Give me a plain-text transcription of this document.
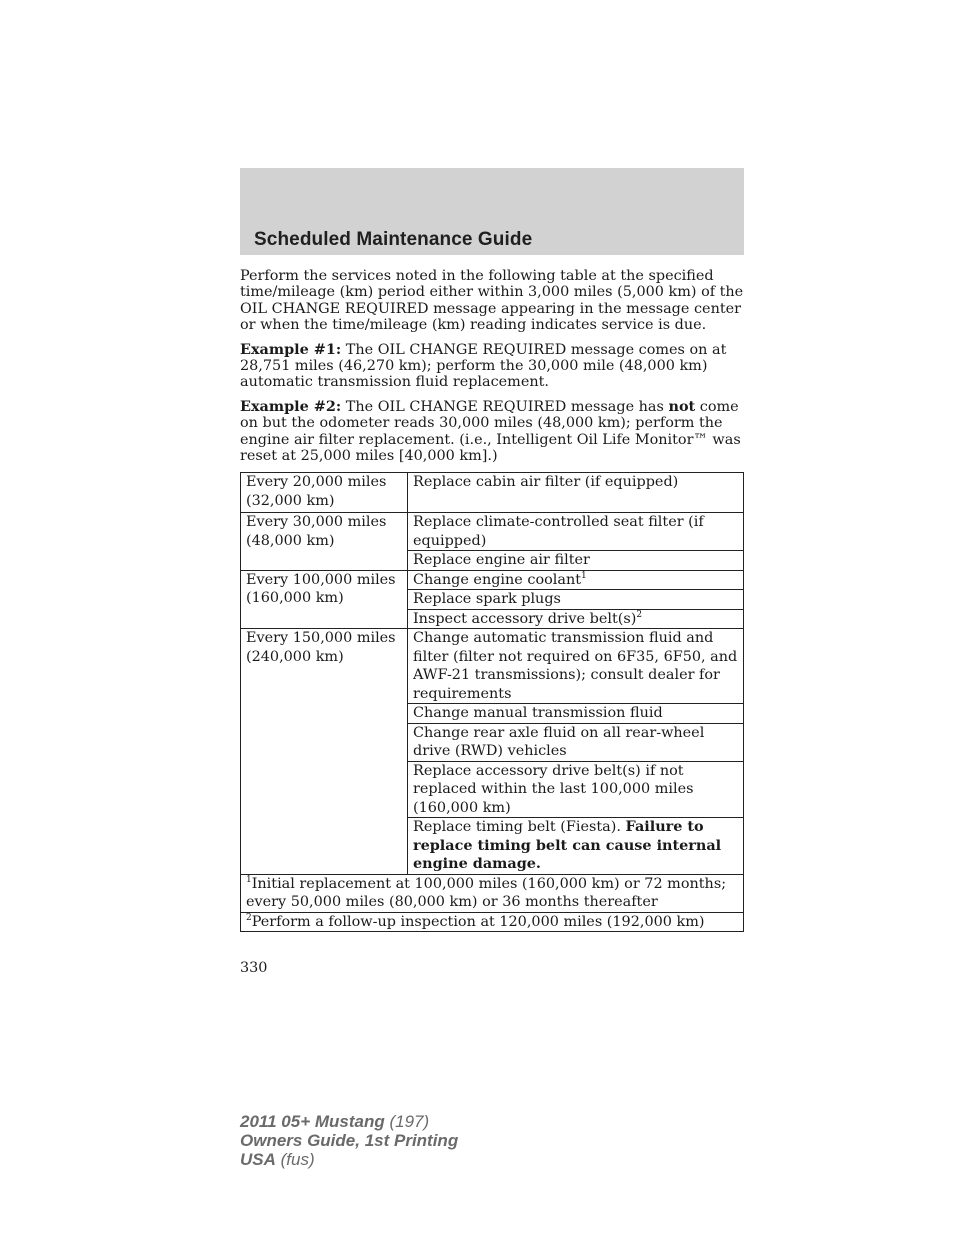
Scheduled Maintenance Guide

Perform the services noted in the following table at the specified time/mileage (km) period either within 3,000 miles (5,000 km) of the OIL CHANGE REQUIRED message appearing in the message center or when the time/mileage (km) reading indicates service is due.

Example #1: The OIL CHANGE REQUIRED message comes on at 28,751 miles (46,270 km); perform the 30,000 mile (48,000 km) automatic transmission fluid replacement.

Example #2: The OIL CHANGE REQUIRED message has not come on but the odometer reads 30,000 miles (48,000 km); perform the engine air filter replacement. (i.e., Intelligent Oil Life Monitor™ was reset at 25,000 miles [40,000 km].)

Every 20,000 miles (32,000 km)	Replace cabin air filter (if equipped)
Every 30,000 miles (48,000 km)	Replace climate-controlled seat filter (if equipped)
	Replace engine air filter
Every 100,000 miles (160,000 km)	Change engine coolant$^1$
	Replace spark plugs
	Inspect accessory drive $belt(s)^2$
Every 150,000 miles (240,000 km)	Change automatic transmission fluid and filter (filter not required on 6F35, 6F50, and AWF-21 transmissions); consult dealer for requirements
	Change manual transmission fluid
	Change rear axle fluid on all rear-wheel drive (RWD) vehicles
	Replace accessory drive belt(s) if not replaced within the last 100,000 miles (160,000 km)
	Replace timing belt (Fiesta). Failure to replace timing belt can cause internal engine damage.
$^1$Initial replacement at 100,000 miles (160,000 km) or 72 months; every 50,000 miles (80,000 km) or 36 months thereafter	
$^2$Perform a follow-up inspection at 120,000 miles (192,000 km)	
330
2011 05+ Mustang (197)
Owners Guide, 1st Printing
USA (fus)
